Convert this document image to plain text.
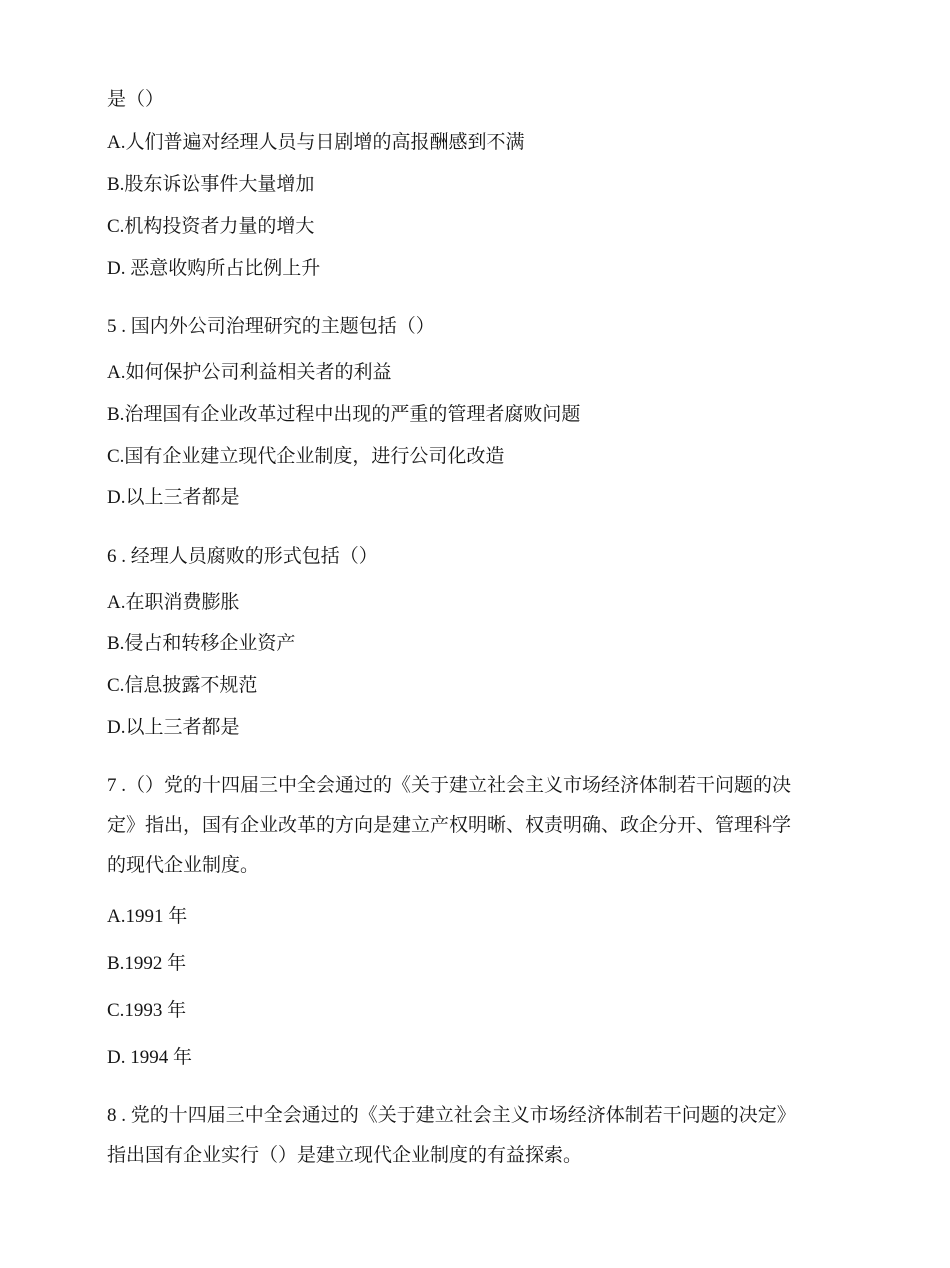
是（）
A.人们普遍对经理人员与日剧增的高报酬感到不满
B.股东诉讼事件大量增加
C.机构投资者力量的增大
D. 恶意收购所占比例上升
5 . 国内外公司治理研究的主题包括（）
A.如何保护公司利益相关者的利益
B.治理国有企业改革过程中出现的严重的管理者腐败问题
C.国有企业建立现代企业制度，进行公司化改造
D.以上三者都是
6 . 经理人员腐败的形式包括（）
A.在职消费膨胀
B.侵占和转移企业资产
C.信息披露不规范
D.以上三者都是
7 .（）党的十四届三中全会通过的《关于建立社会主义市场经济体制若干问题的决
定》指出，国有企业改革的方向是建立产权明晰、权责明确、政企分开、管理科学
的现代企业制度。
A.1991 年
B.1992 年
C.1993 年
D. 1994 年
8 . 党的十四届三中全会通过的《关于建立社会主义市场经济体制若干问题的决定》
指出国有企业实行（）是建立现代企业制度的有益探索。
